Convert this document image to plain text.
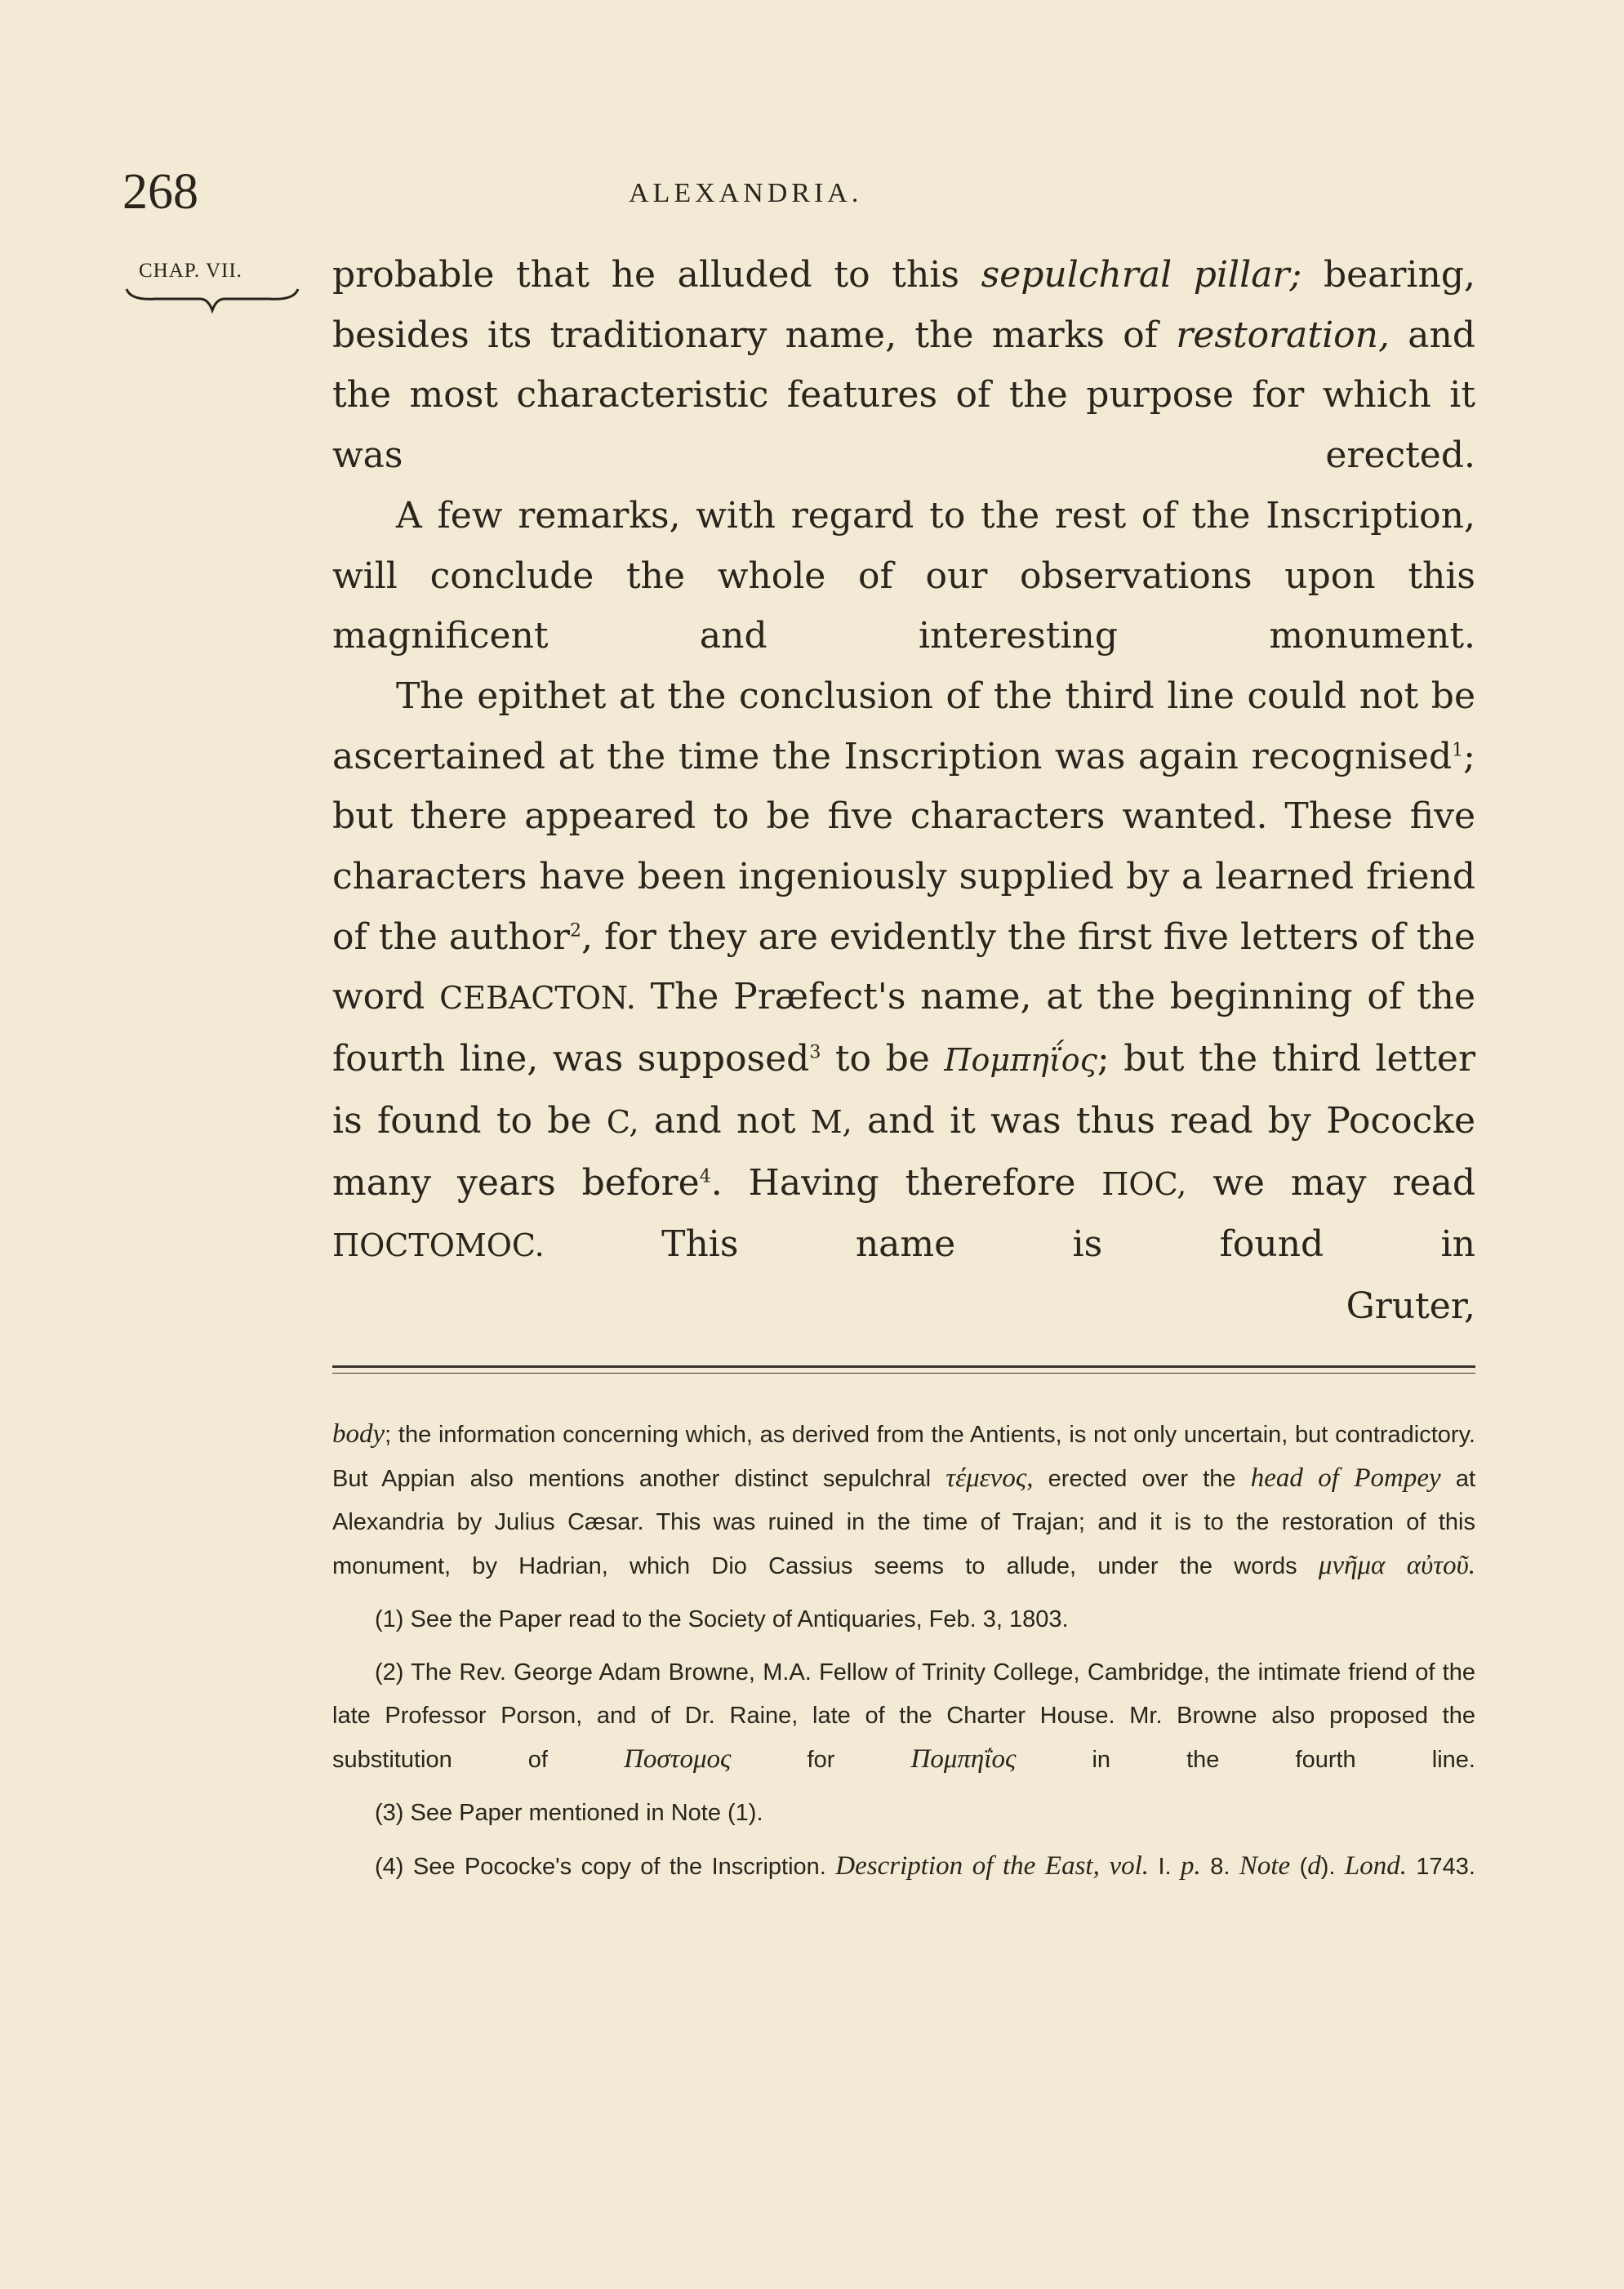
268	ALEXANDRIA.
CHAP. VII.	probable that he alluded to this sepulchral pillar; bearing, besides its traditionary name, the marks of restoration, and the most characteristic features of the purpose for which it was erected.

A few remarks, with regard to the rest of the Inscription, will conclude the whole of our observations upon this magnificent and interesting monument.

The epithet at the conclusion of the third line could not be ascertained at the time the Inscription was again recognised$^1$; but there appeared to be five characters wanted. These five characters have been ingeniously supplied by a learned friend of the author$^2$, for they are evidently the first five letters of the word CEBACTON. The Præfect's name, at the beginning of the fourth line, was supposed$^3$ to be Πομπηΐος; but the third letter is found to be C, and not M, and it was thus read by Pococke many years before$^4$. Having therefore ΠΟC, we may read ΠΟCΤΟΜΟC. This name is found in

Gruter,

body; the information concerning which, as derived from the Antients, is not only uncertain, but contradictory. But Appian also mentions another distinct sepulchral τέμενος, erected over the head of Pompey at Alexandria by Julius Cæsar. This was ruined in the time of Trajan; and it is to the restoration of this monument, by Hadrian, which Dio Cassius seems to allude, under the words μνῆμα αὐτοῦ.

(1) See the Paper read to the Society of Antiquaries, Feb. 3, 1803.

(2) The Rev. George Adam Browne, M.A. Fellow of Trinity College, Cambridge, the intimate friend of the late Professor Porson, and of Dr. Raine, late of the Charter House. Mr. Browne also proposed the substitution of Ποστομος for Πομπηΐος in the fourth line.

(3) See Paper mentioned in Note (1).

(4) See Pococke's copy of the Inscription. Description of the East, vol. I. p. 8. Note (d). Lond. 1743.
